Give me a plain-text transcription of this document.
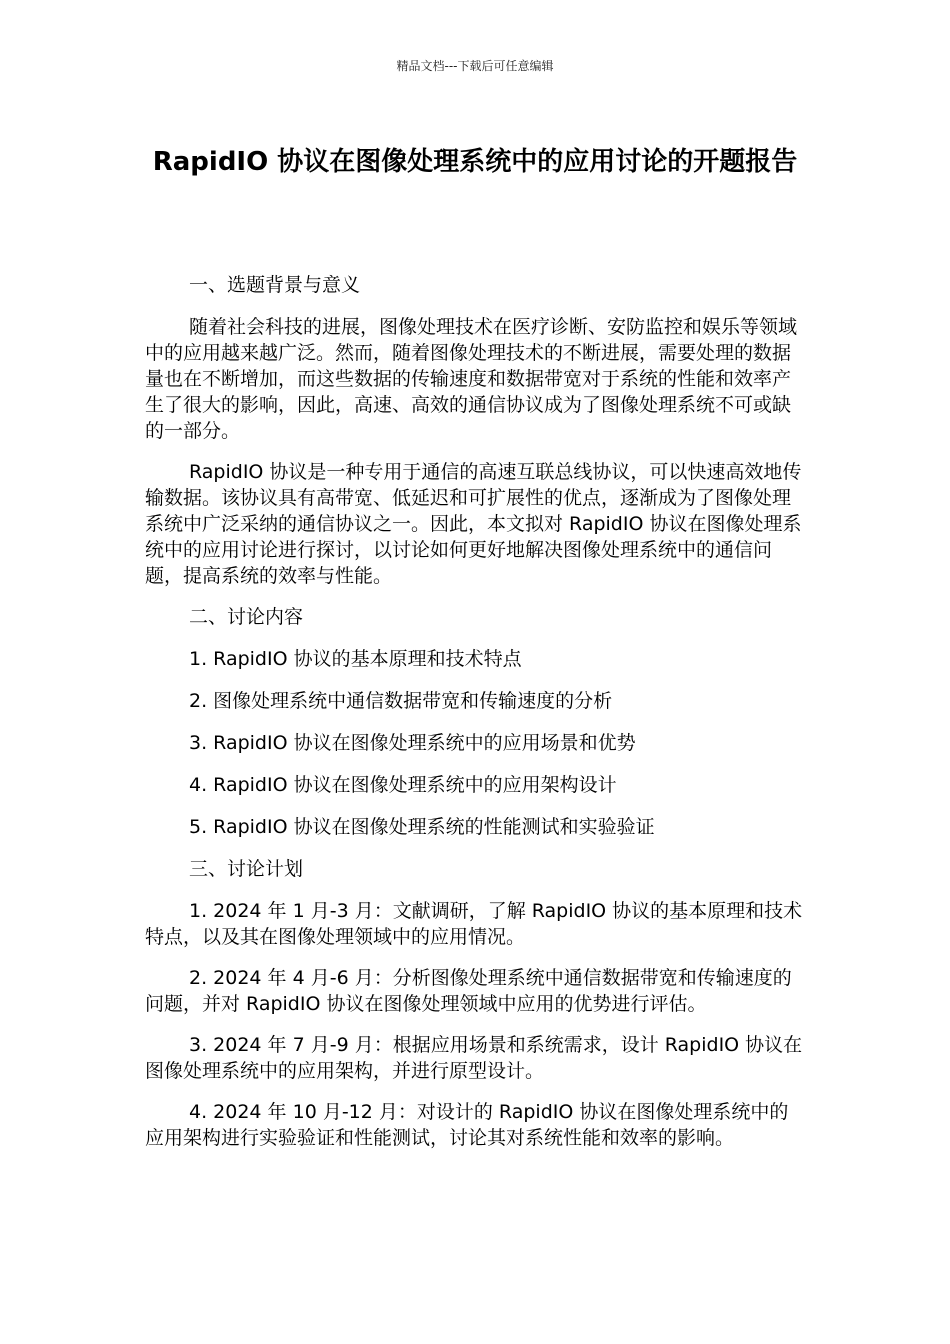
精品文档---下载后可任意编辑
RapidIO 协议在图像处理系统中的应用讨论的开题报告

一、选题背景与意义

随着社会科技的进展，图像处理技术在医疗诊断、安防监控和娱乐等领域中的应用越来越广泛。然而，随着图像处理技术的不断进展，需要处理的数据量也在不断增加，而这些数据的传输速度和数据带宽对于系统的性能和效率产生了很大的影响，因此，高速、高效的通信协议成为了图像处理系统不可或缺的一部分。

RapidIO 协议是一种专用于通信的高速互联总线协议，可以快速高效地传输数据。该协议具有高带宽、低延迟和可扩展性的优点，逐渐成为了图像处理系统中广泛采纳的通信协议之一。因此，本文拟对 RapidIO 协议在图像处理系统中的应用讨论进行探讨，以讨论如何更好地解决图像处理系统中的通信问题，提高系统的效率与性能。

二、讨论内容

1. RapidIO 协议的基本原理和技术特点

2. 图像处理系统中通信数据带宽和传输速度的分析

3. RapidIO 协议在图像处理系统中的应用场景和优势

4. RapidIO 协议在图像处理系统中的应用架构设计

5. RapidIO 协议在图像处理系统的性能测试和实验验证

三、讨论计划

1. 2024 年 1 月-3 月：文献调研，了解 RapidIO 协议的基本原理和技术特点，以及其在图像处理领域中的应用情况。

2. 2024 年 4 月-6 月：分析图像处理系统中通信数据带宽和传输速度的问题，并对 RapidIO 协议在图像处理领域中应用的优势进行评估。

3. 2024 年 7 月-9 月：根据应用场景和系统需求，设计 RapidIO 协议在图像处理系统中的应用架构，并进行原型设计。

4. 2024 年 10 月-12 月：对设计的 RapidIO 协议在图像处理系统中的应用架构进行实验验证和性能测试，讨论其对系统性能和效率的影响。
